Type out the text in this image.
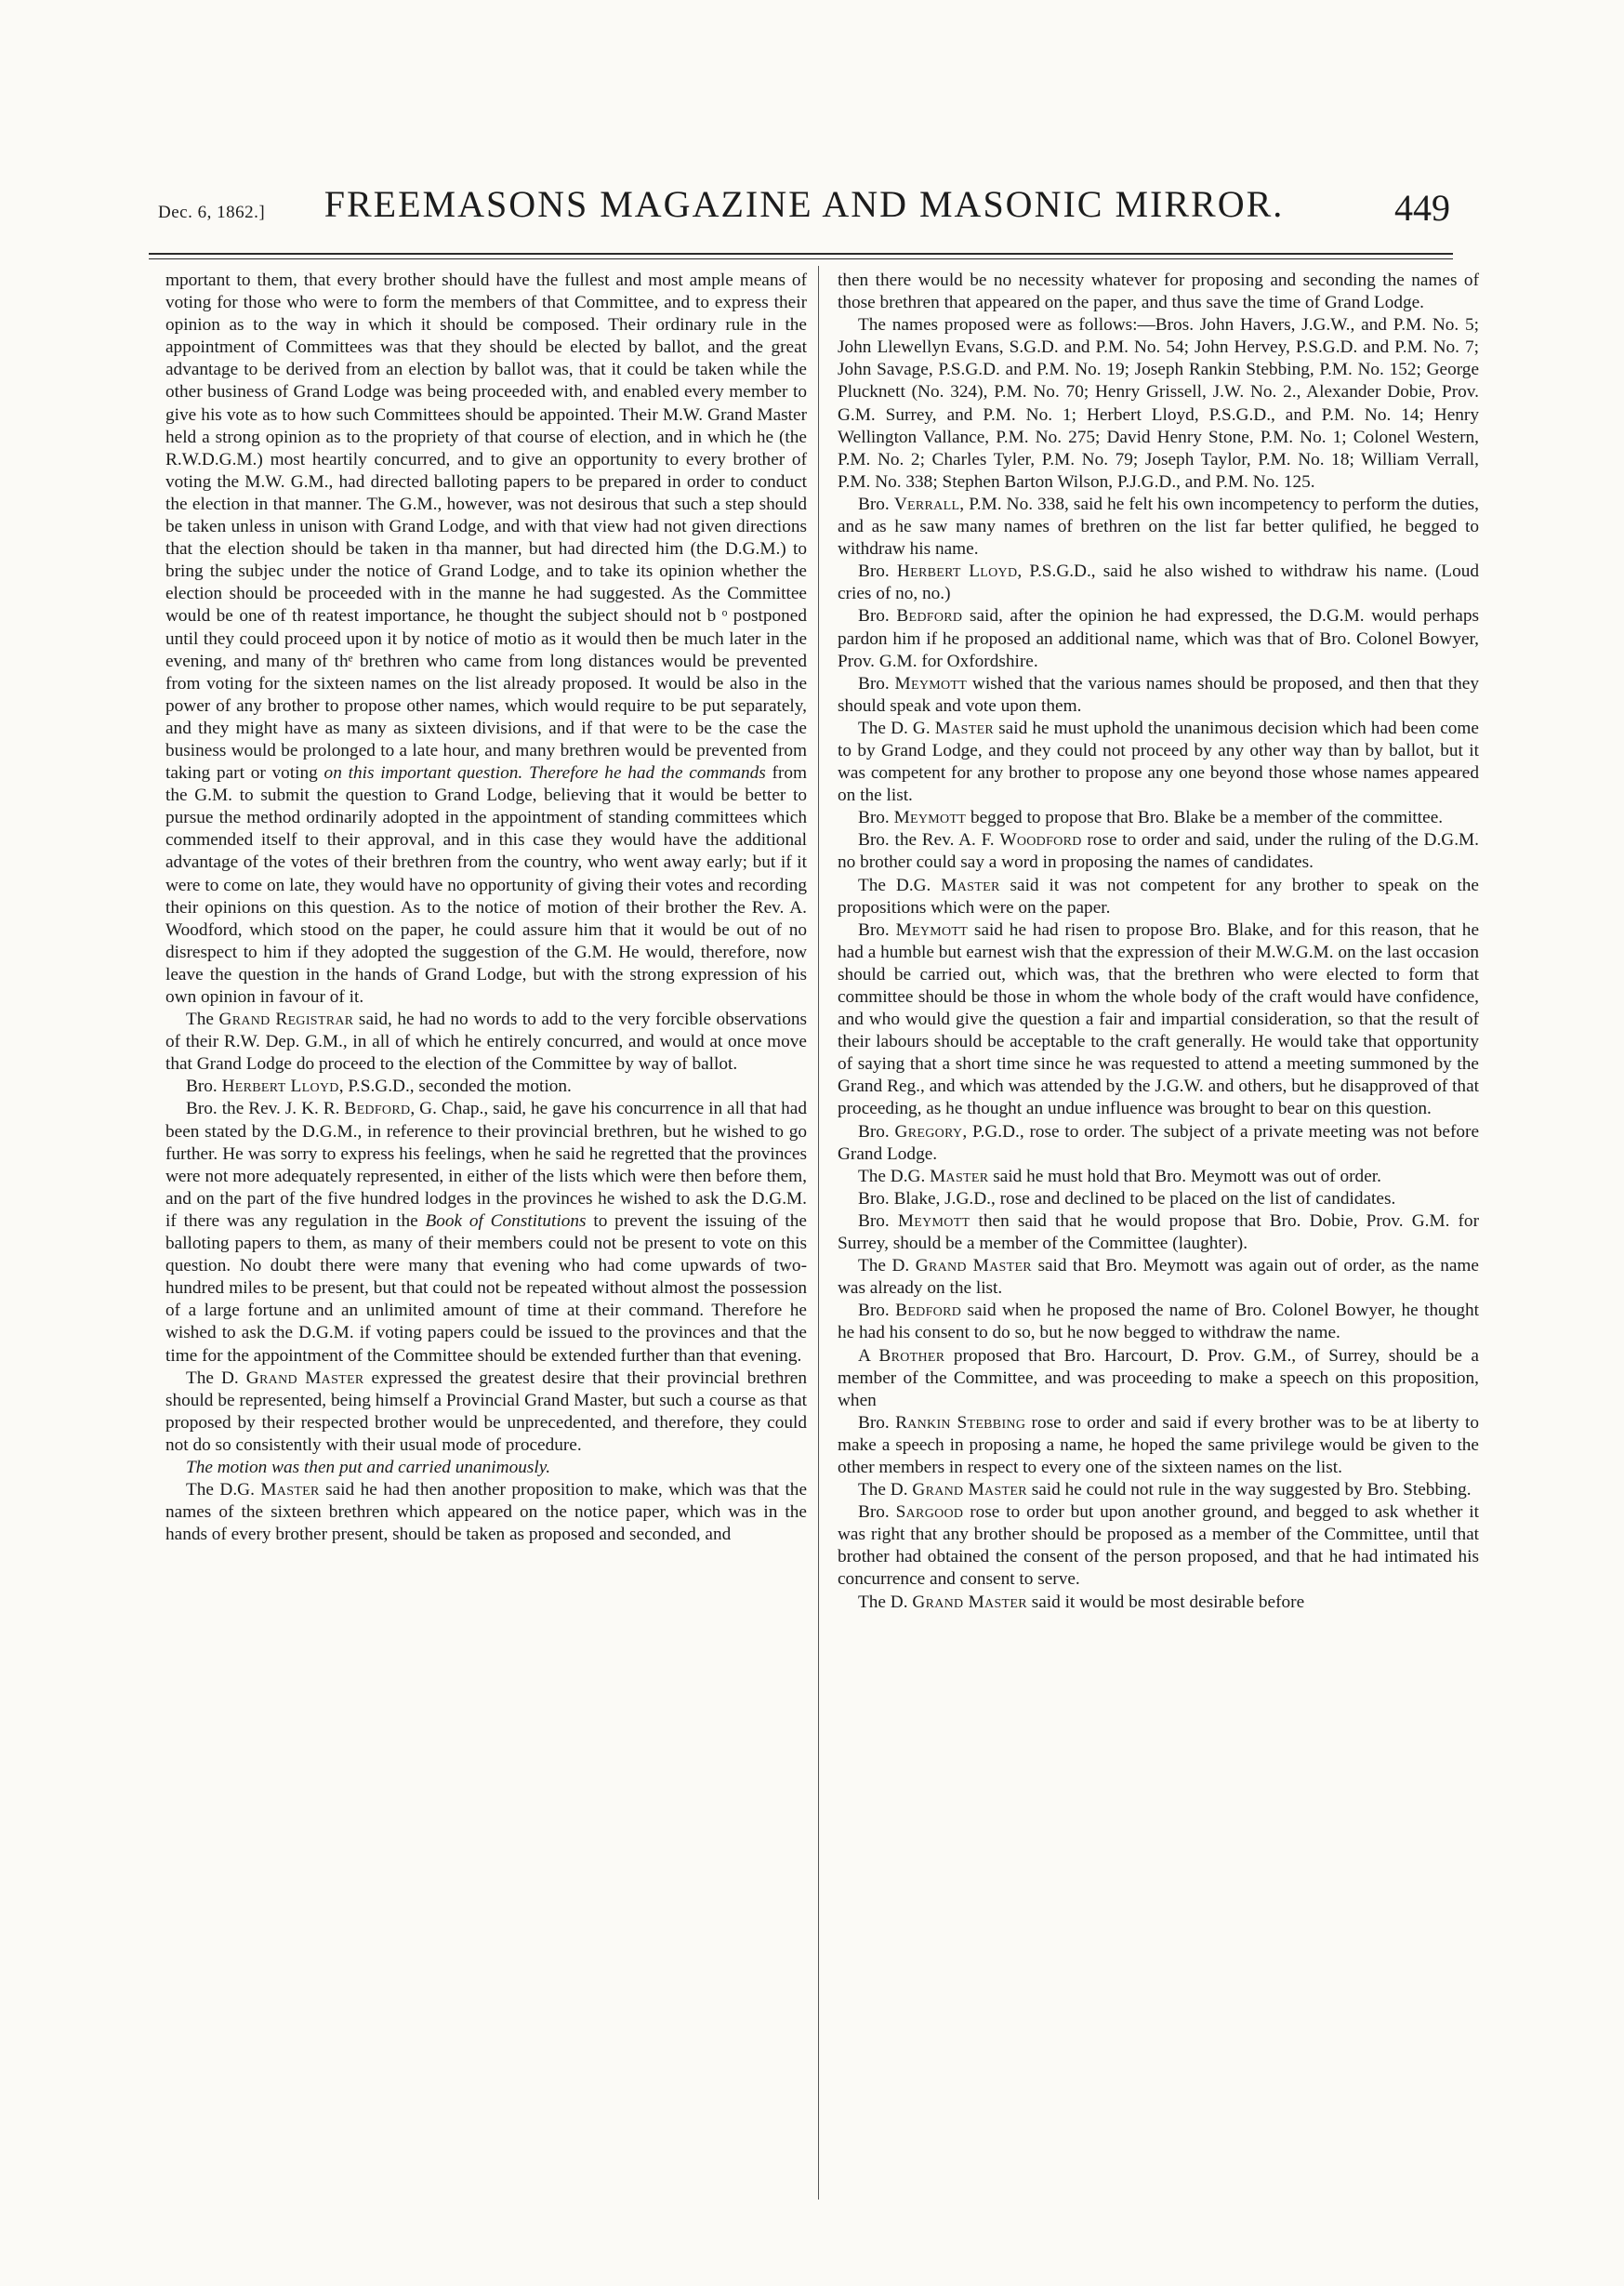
Dec. 6, 1862.]	FREEMASONS MAGAZINE AND MASONIC MIRROR.	449

mportant to them, that every brother should have the fullest and most ample means of voting for those who were to form the members of that Committee, and to express their opinion as to the way in which it should be composed. Their ordinary rule in the appointment of Committees was that they should be elected by ballot, and the great advantage to be derived from an election by ballot was, that it could be taken while the other business of Grand Lodge was being proceeded with, and enabled every member to give his vote as to how such Committees should be appointed. Their M.W. Grand Master held a strong opinion as to the propriety of that course of election, and in which he (the R.W.D.G.M.) most heartily concurred, and to give an opportunity to every brother of voting the M.W. G.M., had directed balloting papers to be prepared in order to conduct the election in that manner. The G.M., however, was not desirous that such a step should be taken unless in unison with Grand Lodge, and with that view had not given directions that the election should be taken in tha manner, but had directed him (the D.G.M.) to bring the subjec under the notice of Grand Lodge, and to take its opinion whether the election should be proceeded with in the manne he had suggested. As the Committee would be one of th reatest importance, he thought the subject should not b ᵒ postponed until they could proceed upon it by notice of motio as it would then be much later in the evening, and many of thᵉ brethren who came from long distances would be prevented from voting for the sixteen names on the list already proposed. It would be also in the power of any brother to propose other names, which would require to be put separately, and they might have as many as sixteen divisions, and if that were to be the case the business would be prolonged to a late hour, and many brethren would be prevented from taking part or voting on this important question. Therefore he had the commands from the G.M. to submit the question to Grand Lodge, believing that it would be better to pursue the method ordinarily adopted in the appointment of standing committees which commended itself to their approval, and in this case they would have the additional advantage of the votes of their brethren from the country, who went away early; but if it were to come on late, they would have no opportunity of giving their votes and recording their opinions on this question. As to the notice of motion of their brother the Rev. A. Woodford, which stood on the paper, he could assure him that it would be out of no disrespect to him if they adopted the suggestion of the G.M. He would, therefore, now leave the question in the hands of Grand Lodge, but with the strong expression of his own opinion in favour of it.

The Grand Registrar said, he had no words to add to the very forcible observations of their R.W. Dep. G.M., in all of which he entirely concurred, and would at once move that Grand Lodge do proceed to the election of the Committee by way of ballot.

Bro. Herbert Lloyd, P.S.G.D., seconded the motion.

Bro. the Rev. J. K. R. Bedford, G. Chap., said, he gave his concurrence in all that had been stated by the D.G.M., in reference to their provincial brethren, but he wished to go further. He was sorry to express his feelings, when he said he regretted that the provinces were not more adequately represented, in either of the lists which were then before them, and on the part of the five hundred lodges in the provinces he wished to ask the D.G.M. if there was any regulation in the Book of Constitutions to prevent the issuing of the balloting papers to them, as many of their members could not be present to vote on this question. No doubt there were many that evening who had come upwards of two-hundred miles to be present, but that could not be repeated without almost the possession of a large fortune and an unlimited amount of time at their command. Therefore he wished to ask the D.G.M. if voting papers could be issued to the provinces and that the time for the appointment of the Committee should be extended further than that evening.

The D. Grand Master expressed the greatest desire that their provincial brethren should be represented, being himself a Provincial Grand Master, but such a course as that proposed by their respected brother would be unprecedented, and therefore, they could not do so consistently with their usual mode of procedure.

The motion was then put and carried unanimously.

The D.G. Master said he had then another proposition to make, which was that the names of the sixteen brethren which appeared on the notice paper, which was in the hands of every brother present, should be taken as proposed and seconded, and

then there would be no necessity whatever for proposing and seconding the names of those brethren that appeared on the paper, and thus save the time of Grand Lodge.

The names proposed were as follows:—Bros. John Havers, J.G.W., and P.M. No. 5; John Llewellyn Evans, S.G.D. and P.M. No. 54; John Hervey, P.S.G.D. and P.M. No. 7; John Savage, P.S.G.D. and P.M. No. 19; Joseph Rankin Stebbing, P.M. No. 152; George Plucknett (No. 324), P.M. No. 70; Henry Grissell, J.W. No. 2., Alexander Dobie, Prov. G.M. Surrey, and P.M. No. 1; Herbert Lloyd, P.S.G.D., and P.M. No. 14; Henry Wellington Vallance, P.M. No. 275; David Henry Stone, P.M. No. 1; Colonel Western, P.M. No. 2; Charles Tyler, P.M. No. 79; Joseph Taylor, P.M. No. 18; William Verrall, P.M. No. 338; Stephen Barton Wilson, P.J.G.D., and P.M. No. 125.

Bro. Verrall, P.M. No. 338, said he felt his own incompetency to perform the duties, and as he saw many names of brethren on the list far better qulified, he begged to withdraw his name.

Bro. Herbert Lloyd, P.S.G.D., said he also wished to withdraw his name. (Loud cries of no, no.)

Bro. Bedford said, after the opinion he had expressed, the D.G.M. would perhaps pardon him if he proposed an additional name, which was that of Bro. Colonel Bowyer, Prov. G.M. for Oxfordshire.

Bro. Meymott wished that the various names should be proposed, and then that they should speak and vote upon them.

The D. G. Master said he must uphold the unanimous decision which had been come to by Grand Lodge, and they could not proceed by any other way than by ballot, but it was competent for any brother to propose any one beyond those whose names appeared on the list.

Bro. Meymott begged to propose that Bro. Blake be a member of the committee.

Bro. the Rev. A. F. Woodford rose to order and said, under the ruling of the D.G.M. no brother could say a word in proposing the names of candidates.

The D.G. Master said it was not competent for any brother to speak on the propositions which were on the paper.

Bro. Meymott said he had risen to propose Bro. Blake, and for this reason, that he had a humble but earnest wish that the expression of their M.W.G.M. on the last occasion should be carried out, which was, that the brethren who were elected to form that committee should be those in whom the whole body of the craft would have confidence, and who would give the question a fair and impartial consideration, so that the result of their labours should be acceptable to the craft generally. He would take that opportunity of saying that a short time since he was requested to attend a meeting summoned by the Grand Reg., and which was attended by the J.G.W. and others, but he disapproved of that proceeding, as he thought an undue influence was brought to bear on this question.

Bro. Gregory, P.G.D., rose to order. The subject of a private meeting was not before Grand Lodge.

The D.G. Master said he must hold that Bro. Meymott was out of order.

Bro. Blake, J.G.D., rose and declined to be placed on the list of candidates.

Bro. Meymott then said that he would propose that Bro. Dobie, Prov. G.M. for Surrey, should be a member of the Committee (laughter).

The D. Grand Master said that Bro. Meymott was again out of order, as the name was already on the list.

Bro. Bedford said when he proposed the name of Bro. Colonel Bowyer, he thought he had his consent to do so, but he now begged to withdraw the name.

A Brother proposed that Bro. Harcourt, D. Prov. G.M., of Surrey, should be a member of the Committee, and was proceeding to make a speech on this proposition, when

Bro. Rankin Stebbing rose to order and said if every brother was to be at liberty to make a speech in proposing a name, he hoped the same privilege would be given to the other members in respect to every one of the sixteen names on the list.

The D. Grand Master said he could not rule in the way suggested by Bro. Stebbing.

Bro. Sargood rose to order but upon another ground, and begged to ask whether it was right that any brother should be proposed as a member of the Committee, until that brother had obtained the consent of the person proposed, and that he had intimated his concurrence and consent to serve.

The D. Grand Master said it would be most desirable before
